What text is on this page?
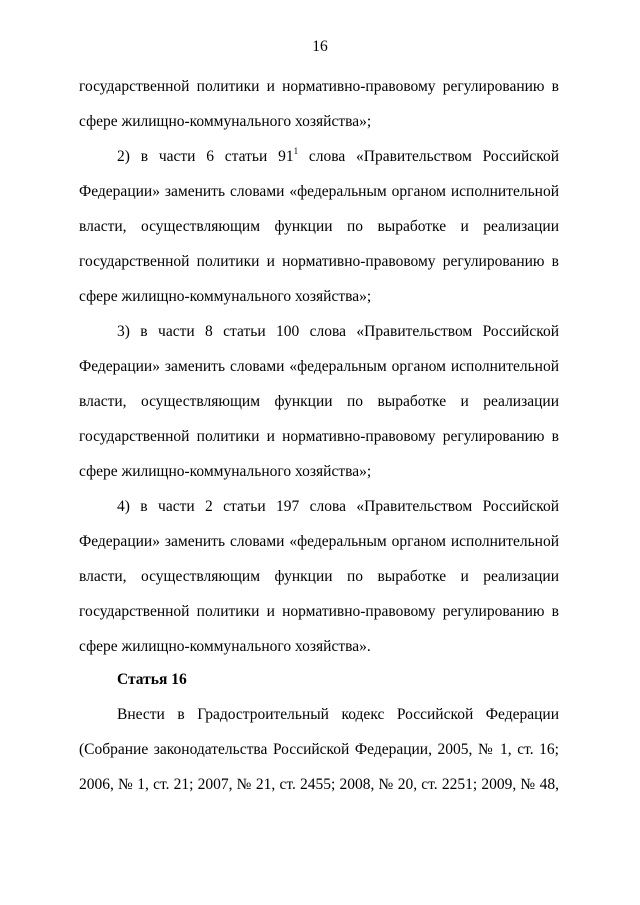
16
государственной политики и нормативно-правовому регулированию в
сфере жилищно-коммунального хозяйства»;
2) в части 6 статьи $91^1$ слова «Правительством Российской
Федерации» заменить словами «федеральным органом исполнительной
власти, осуществляющим функции по выработке и реализации
государственной политики и нормативно-правовому регулированию в
сфере жилищно-коммунального хозяйства»;
3) в части 8 статьи 100 слова «Правительством Российской
Федерации» заменить словами «федеральным органом исполнительной
власти, осуществляющим функции по выработке и реализации
государственной политики и нормативно-правовому регулированию в
сфере жилищно-коммунального хозяйства»;
4) в части 2 статьи 197 слова «Правительством Российской
Федерации» заменить словами «федеральным органом исполнительной
власти, осуществляющим функции по выработке и реализации
государственной политики и нормативно-правовому регулированию в
сфере жилищно-коммунального хозяйства».
Статья 16
Внести в Градостроительный кодекс Российской Федерации
(Собрание законодательства Российской Федерации, 2005, № 1, ст. 16;
2006, № 1, ст. 21; 2007, № 21, ст. 2455; 2008, № 20, ст. 2251; 2009, № 48,
